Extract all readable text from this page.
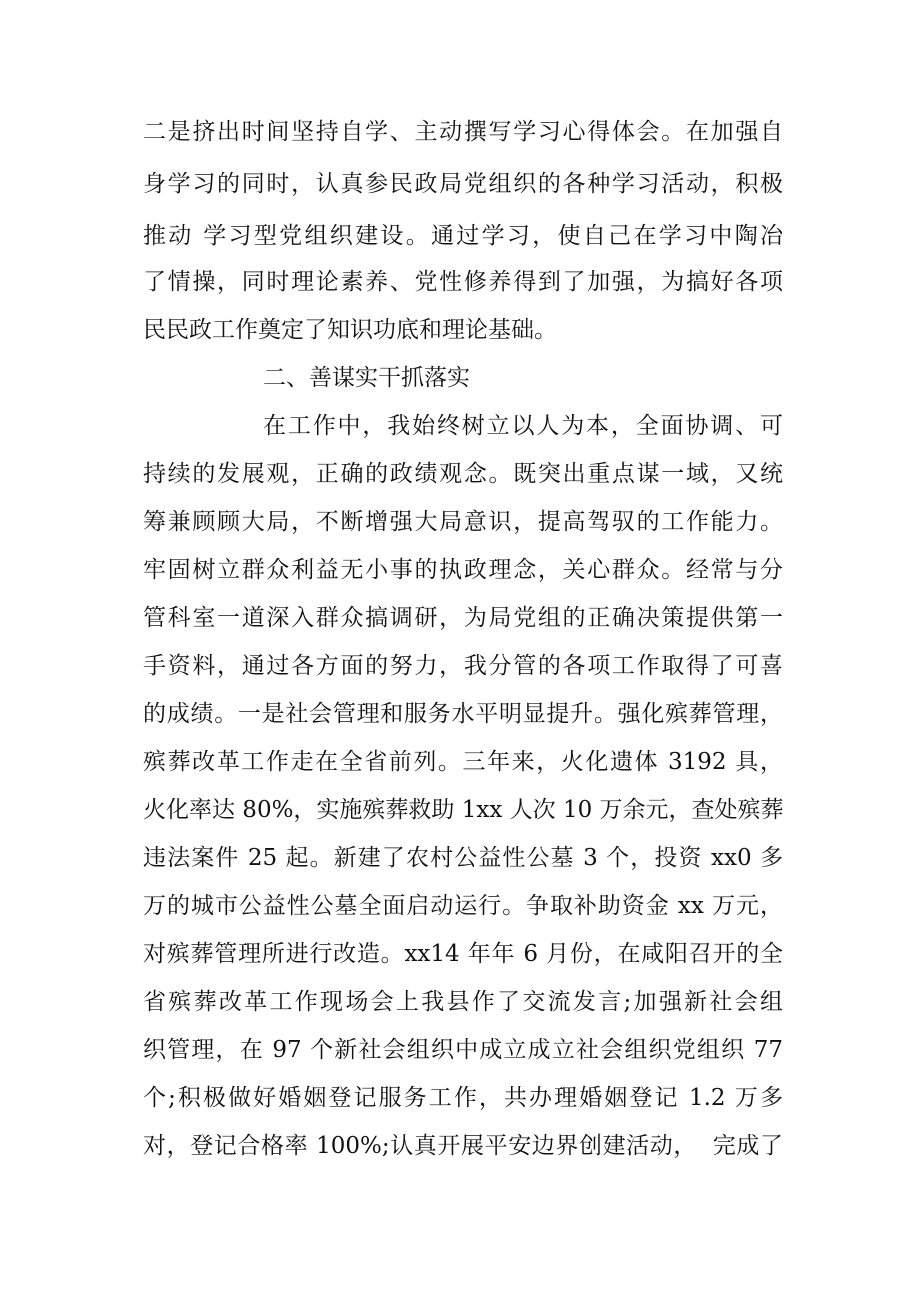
二是挤出时间坚持自学、主动撰写学习心得体会。在加强自
身学习的同时，认真参民政局党组织的各种学习活动，积极
推动 学习型党组织建设。通过学习，使自己在学习中陶冶
了情操，同时理论素养、党性修养得到了加强，为搞好各项
民民政工作奠定了知识功底和理论基础。
二、善谋实干抓落实
在工作中，我始终树立以人为本，全面协调、可
持续的发展观，正确的政绩观念。既突出重点谋一域，又统
筹兼顾顾大局，不断增强大局意识，提高驾驭的工作能力。
牢固树立群众利益无小事的执政理念，关心群众。经常与分
管科室一道深入群众搞调研，为局党组的正确决策提供第一
手资料，通过各方面的努力，我分管的各项工作取得了可喜
的成绩。一是社会管理和服务水平明显提升。强化殡葬管理，
殡葬改革工作走在全省前列。三年来，火化遗体 3192 具，
火化率达 80%，实施殡葬救助 1xx 人次 10 万余元，查处殡葬
违法案件 25 起。新建了农村公益性公墓 3 个，投资 xx0 多
万的城市公益性公墓全面启动运行。争取补助资金 xx 万元，
对殡葬管理所进行改造。xx14 年年 6 月份，在咸阳召开的全
省殡葬改革工作现场会上我县作了交流发言;加强新社会组
织管理，在 97 个新社会组织中成立成立社会组织党组织 77
个;积极做好婚姻登记服务工作，共办理婚姻登记 1.2 万多
对，登记合格率 100%;认真开展平安边界创建活动，  完成了
